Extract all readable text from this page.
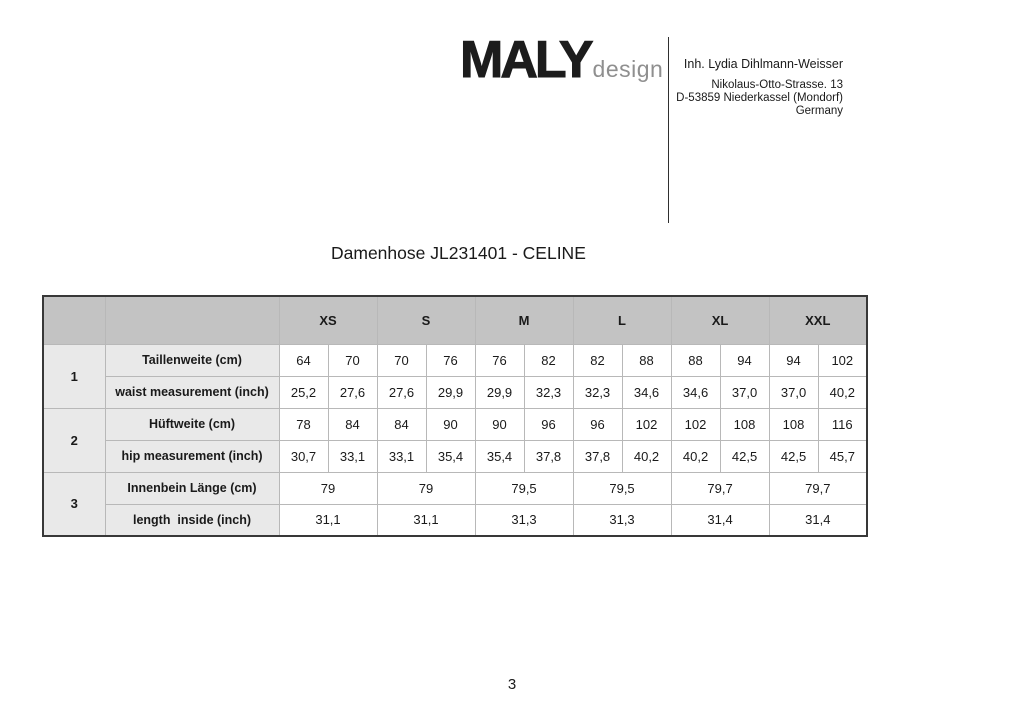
MALY design	Inh. Lydia Dihlmann-Weisser
Nikolaus-Otto-Strasse. 13
D-53859 Niederkassel (Mondorf)
Germany
Damenhose JL231401 - CELINE
		XS		S		M		L		XL		XXL	
1	Taillenweite (cm)	64	70	70	76	76	82	82	88	88	94	94	102
	waist measurement (inch)	25,2	27,6	27,6	29,9	29,9	32,3	32,3	34,6	34,6	37,0	37,0	40,2
2	Hüftweite (cm)	78	84	84	90	90	96	96	102	102	108	108	116
	hip measurement (inch)	30,7	33,1	33,1	35,4	35,4	37,8	37,8	40,2	40,2	42,5	42,5	45,7
3	Innenbein Länge (cm)	79		79		79,5		79,5		79,7		79,7	
	length  inside (inch)	31,1		31,1		31,3		31,3		31,4		31,4	
3
